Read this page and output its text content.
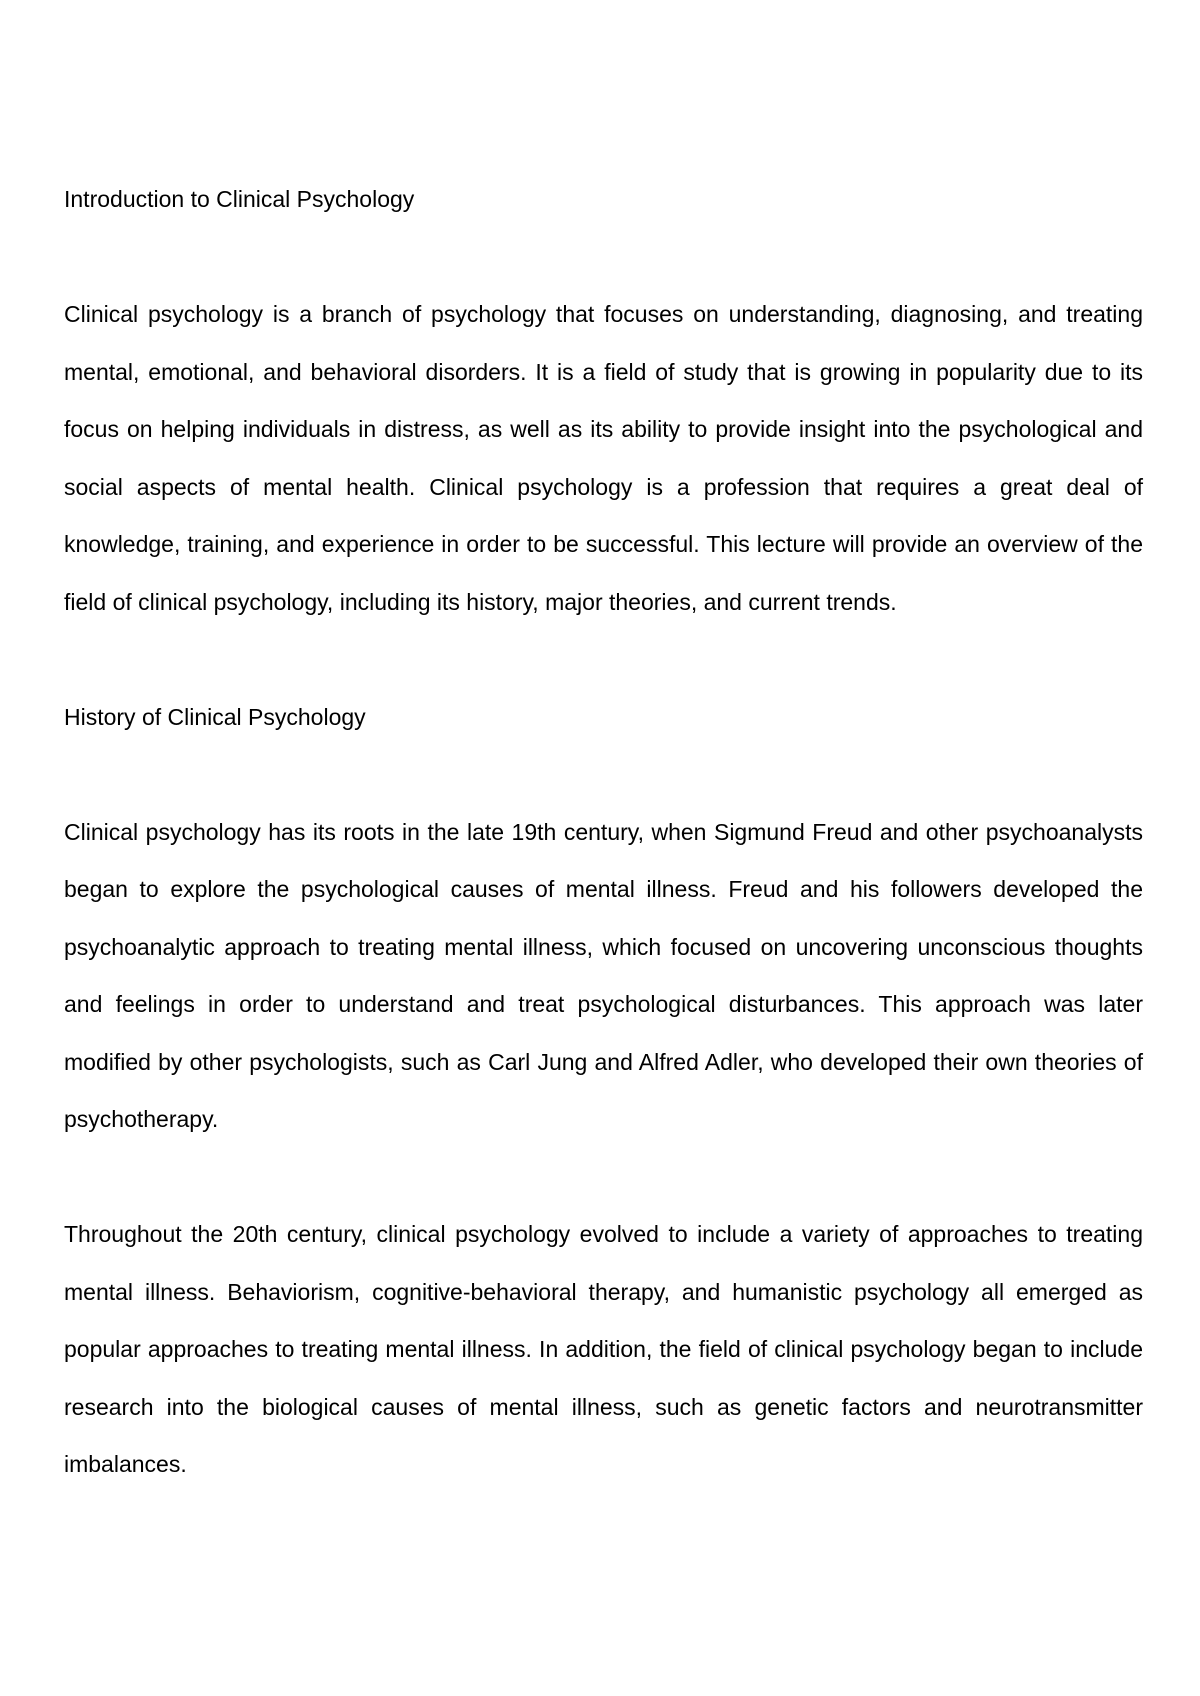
Introduction to Clinical Psychology

Clinical psychology is a branch of psychology that focuses on understanding, diagnosing, and treating mental, emotional, and behavioral disorders. It is a field of study that is growing in popularity due to its focus on helping individuals in distress, as well as its ability to provide insight into the psychological and social aspects of mental health. Clinical psychology is a profession that requires a great deal of knowledge, training, and experience in order to be successful. This lecture will provide an overview of the field of clinical psychology, including its history, major theories, and current trends.

History of Clinical Psychology

Clinical psychology has its roots in the late 19th century, when Sigmund Freud and other psychoanalysts began to explore the psychological causes of mental illness. Freud and his followers developed the psychoanalytic approach to treating mental illness, which focused on uncovering unconscious thoughts and feelings in order to understand and treat psychological disturbances. This approach was later modified by other psychologists, such as Carl Jung and Alfred Adler, who developed their own theories of psychotherapy.

Throughout the 20th century, clinical psychology evolved to include a variety of approaches to treating mental illness. Behaviorism, cognitive-behavioral therapy, and humanistic psychology all emerged as popular approaches to treating mental illness. In addition, the field of clinical psychology began to include research into the biological causes of mental illness, such as genetic factors and neurotransmitter imbalances.
